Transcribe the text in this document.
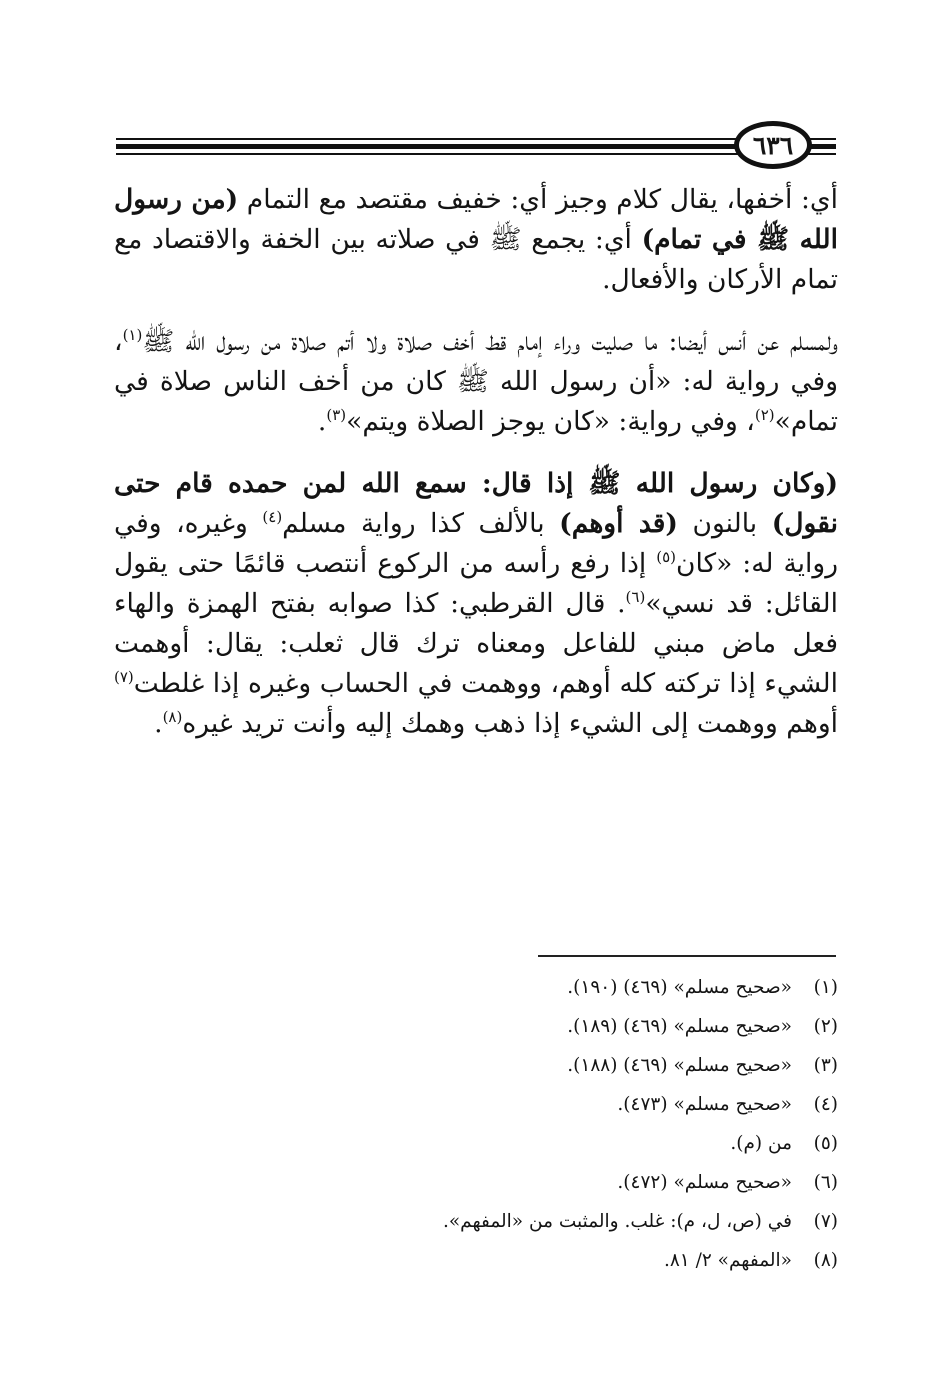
٦٣٦

أي: أخفها، يقال كلام وجيز أي: خفيف مقتصد مع التمام (من رسول الله ﷺ في تمام) أي: يجمع ﷺ في صلاته بين الخفة والاقتصاد مع تمام الأركان والأفعال.

ولمسلم عن أنس أيضا: ما صليت وراء إمام قط أخف صلاة ولا أتم صلاة من رسول الله ﷺ$^{(١)}$، وفي رواية له: «أن رسول الله ﷺ كان من أخف الناس صلاة في تمام»$^{(٢)}$، وفي رواية: «كان يوجز الصلاة ويتم»$^{(٣)}$.

(وكان رسول الله ﷺ إذا قال: سمع الله لمن حمده قام حتى نقول) بالنون (قد أوهم) بالألف كذا رواية مسلم$^{(٤)}$ وغيره، وفي رواية له: «كان$^{(٥)}$ إذا رفع رأسه من الركوع أنتصب قائمًا حتى يقول القائل: قد نسي»$^{(٦)}$. قال القرطبي: كذا صوابه بفتح الهمزة والهاء فعل ماض مبني للفاعل ومعناه ترك قال ثعلب: يقال: أوهمت الشيء إذا تركته كله أوهم، ووهمت في الحساب وغيره إذا غلطت$^{(٧)}$ أوهم ووهمت إلى الشيء إذا ذهب وهمك إليه وأنت تريد غيره$^{(٨)}$.

(١)«صحيح مسلم» (٤٦٩) (١٩٠).
(٢)«صحيح مسلم» (٤٦٩) (١٨٩).
(٣)«صحيح مسلم» (٤٦٩) (١٨٨).
(٤)«صحيح مسلم» (٤٧٣).
(٥)من (م).
(٦)«صحيح مسلم» (٤٧٢).
(٧)في (ص، ل، م): غلب. والمثبت من «المفهم».
(٨)«المفهم» ٢/ ٨١.
